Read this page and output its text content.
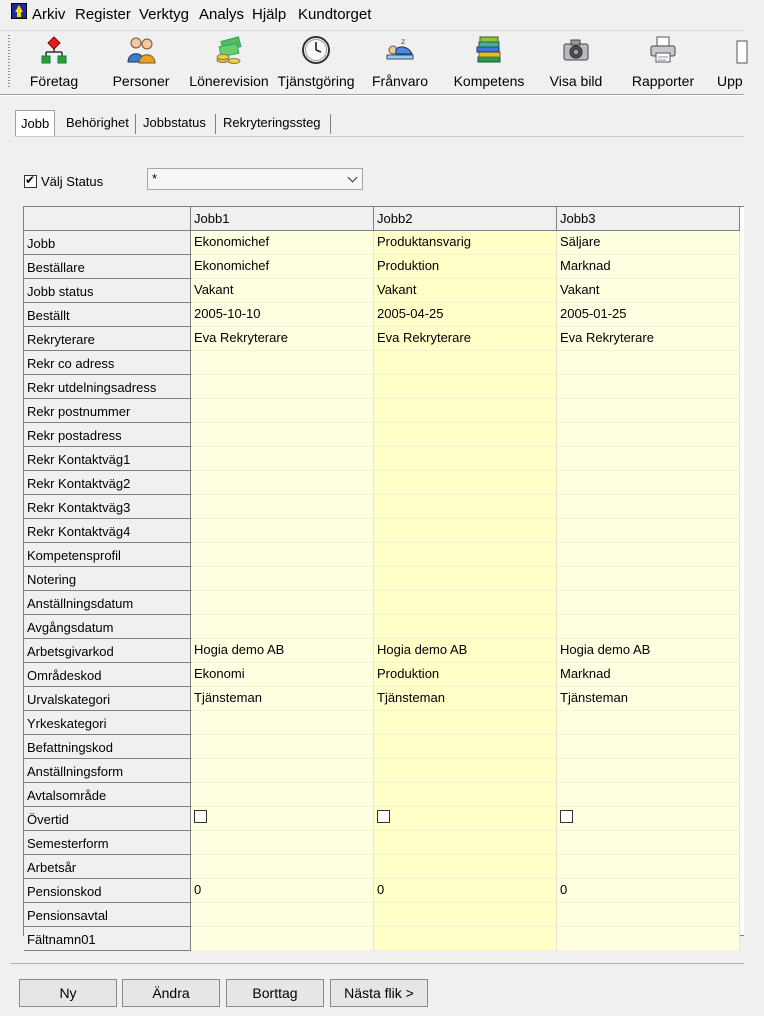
Arkiv Register Verktyg Analys Hjälp Kundtorget
Företag	Personer	Lönerevision Tjänstgöring
z
Frånvaro	Kompetens	Visa bild	Rapporter	Upp
Jobb	Behörighet	Jobbstatus	Rekryteringssteg
✔
Välj Status	*
Jobb1	Jobb2	Jobb3
Jobb	Ekonomichef	Produktansvarig	Säljare
Beställare	Ekonomichef	Produktion	Marknad
Jobb status	Vakant	Vakant	Vakant
Beställt	2005-10-10	2005-04-25	2005-01-25
Rekryterare	Eva Rekryterare	Eva Rekryterare	Eva Rekryterare
Rekr co adress
Rekr utdelningsadress
Rekr postnummer
Rekr postadress
Rekr Kontaktväg1
Rekr Kontaktväg2
Rekr Kontaktväg3
Rekr Kontaktväg4
Kompetensprofil
Notering
Anställningsdatum
Avgångsdatum
Arbetsgivarkod	Hogia demo AB	Hogia demo AB	Hogia demo AB
Områdeskod	Ekonomi	Produktion	Marknad
Urvalskategori	Tjänsteman	Tjänsteman	Tjänsteman
Yrkeskategori
Befattningskod
Anställningsform
Avtalsområde
Övertid
Semesterform
Arbetsår
Pensionskod	0	0	0
Pensionsavtal
Fältnamn01
Ny	Ändra	Borttag	Nästa flik >
